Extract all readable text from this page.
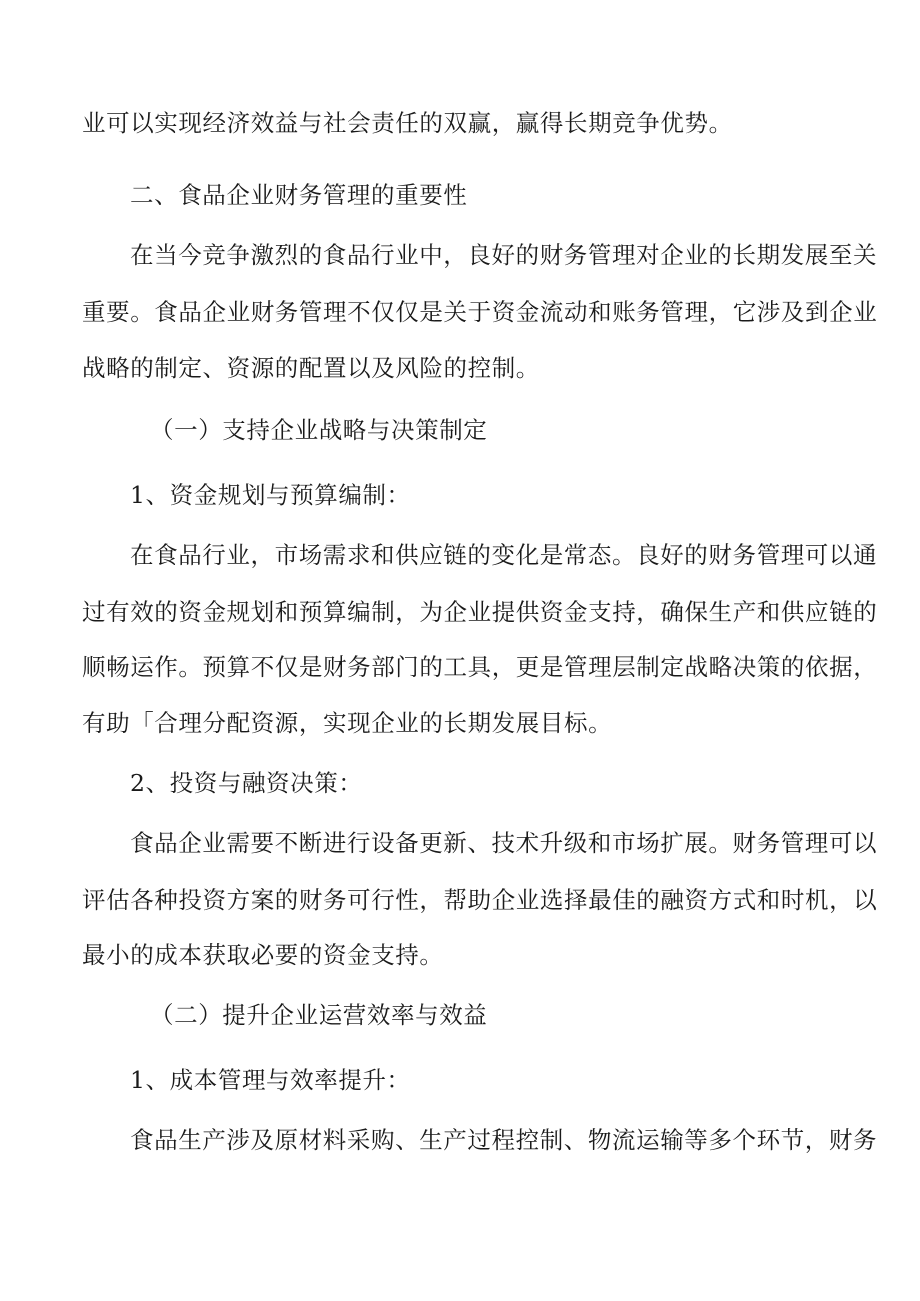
业可以实现经济效益与社会责任的双赢，赢得长期竞争优势。
二、食品企业财务管理的重要性
在当今竞争激烈的食品行业中，良好的财务管理对企业的长期发展至关
重要。食品企业财务管理不仅仅是关于资金流动和账务管理，它涉及到企业
战略的制定、资源的配置以及风险的控制。
（一）支持企业战略与决策制定
1、资金规划与预算编制：
在食品行业，市场需求和供应链的变化是常态。良好的财务管理可以通
过有效的资金规划和预算编制，为企业提供资金支持，确保生产和供应链的
顺畅运作。预算不仅是财务部门的工具，更是管理层制定战略决策的依据，
有助「合理分配资源，实现企业的长期发展目标。
2、投资与融资决策：
食品企业需要不断进行设备更新、技术升级和市场扩展。财务管理可以
评估各种投资方案的财务可行性，帮助企业选择最佳的融资方式和时机，以
最小的成本获取必要的资金支持。
（二）提升企业运营效率与效益
1、成本管理与效率提升：
食品生产涉及原材料采购、生产过程控制、物流运输等多个环节，财务
